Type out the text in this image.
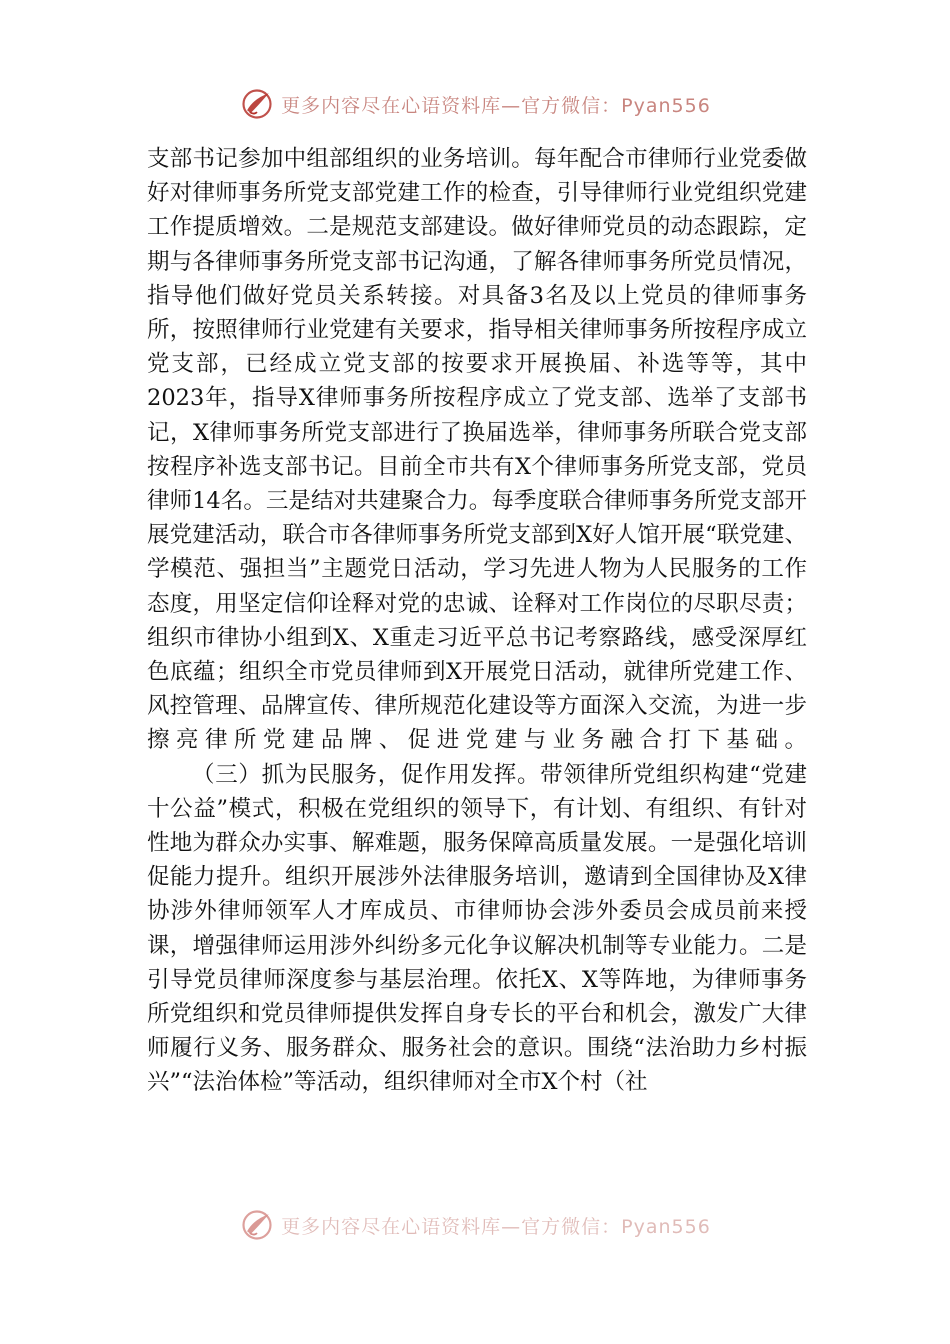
更多内容尽在心语资料库—官方微信：Pyan556

支部书记参加中组部组织的业务培训。每年配合市律师行业党委做好对律师事务所党支部党建工作的检查，引导律师行业党组织党建工作提质增效。二是规范支部建设。做好律师党员的动态跟踪，定期与各律师事务所党支部书记沟通，了解各律师事务所党员情况，指导他们做好党员关系转接。对具备3名及以上党员的律师事务所，按照律师行业党建有关要求，指导相关律师事务所按程序成立党支部，已经成立党支部的按要求开展换届、补选等等，其中2023年，指导X律师事务所按程序成立了党支部、选举了支部书记，X律师事务所党支部进行了换届选举，律师事务所联合党支部按程序补选支部书记。目前全市共有X个律师事务所党支部，党员律师14名。三是结对共建聚合力。每季度联合律师事务所党支部开展党建活动，联合市各律师事务所党支部到X好人馆开展“联党建、学模范、强担当”主题党日活动，学习先进人物为人民服务的工作态度，用坚定信仰诠释对党的忠诚、诠释对工作岗位的尽职尽责；组织市律协小组到X、X重走习近平总书记考察路线，感受深厚红色底蕴；组织全市党员律师到X开展党日活动，就律所党建工作、风控管理、品牌宣传、律所规范化建设等方面深入交流，为进一步擦亮律所党建品牌、促进党建与业务融合打下基础。

（三）抓为民服务，促作用发挥。带领律所党组织构建“党建十公益”模式，积极在党组织的领导下，有计划、有组织、有针对性地为群众办实事、解难题，服务保障高质量发展。一是强化培训促能力提升。组织开展涉外法律服务培训，邀请到全国律协及X律协涉外律师领军人才库成员、市律师协会涉外委员会成员前来授课，增强律师运用涉外纠纷多元化争议解决机制等专业能力。二是引导党员律师深度参与基层治理。依托X、X等阵地，为律师事务所党组织和党员律师提供发挥自身专长的平台和机会，激发广大律师履行义务、服务群众、服务社会的意识。围绕“法治助力乡村振兴”“法治体检”等活动，组织律师对全市X个村（社

更多内容尽在心语资料库—官方微信：Pyan556
